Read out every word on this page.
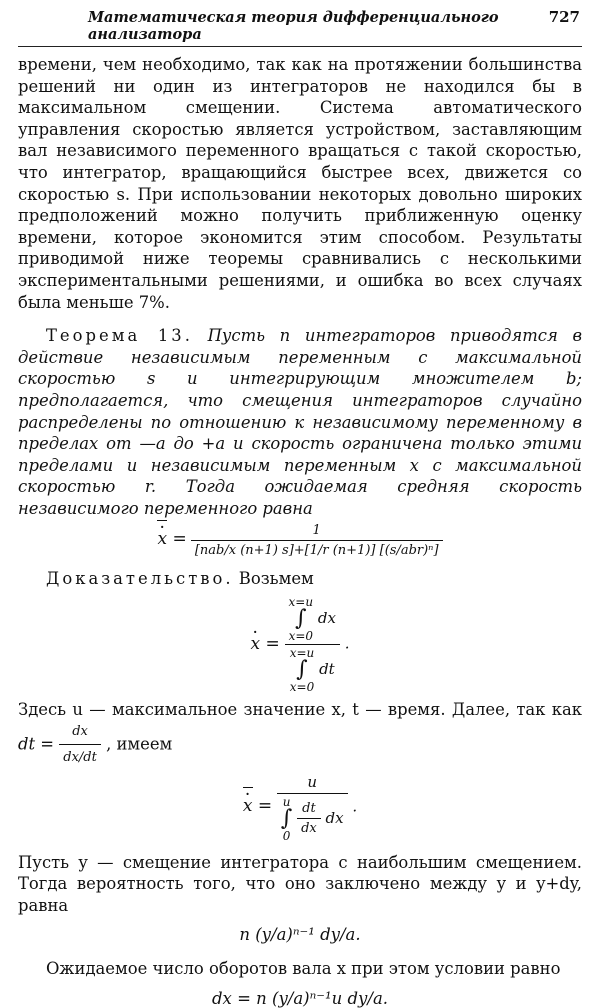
Математическая теория дифференциального анализатора
727

времени, чем необходимо, так как на протяжении большинства решений ни один из интеграторов не находился бы в максимальном смещении. Система автоматического управления скоростью является устройством, заставляющим вал независимого переменного вращаться с такой скоростью, что интегратор, вращающийся быстрее всех, движется со скоростью s. При использовании некоторых довольно широких предположений можно получить приближенную оценку времени, которое экономится этим способом. Результаты приводимой ниже теоремы сравнивались с несколькими экспериментальными решениями, и ошибка во всех случаях была меньше 7%.

Теорема 13. Пусть n интеграторов приводятся в действие независимым переменным с максимальной скоростью s и интегрирующим множителем b; предполагается, что смещения интеграторов случайно распределены по отношению к независимому переменному в пределах от —a до +a и скорость ограничена только этими пределами и независимым переменным x с максимальной скоростью r. Тогда ожидаемая средняя скорость независимого переменного равна

· $x = \frac{1}{\text{[nab/x (n+1) s]+[1/r (n+1)] [(s/abr)ⁿ]}}$

Доказательство. Возьмем

· x = x=u
∫
x=0 dx
x=u
∫
x=0 dt .

Здесь u — максимальное значение x, t — время. Далее, так как dt = $\frac{dx}{dx/dt}$ , имеем

· x =
u
u
∫
$0 \frac{dt}{dx}$ dx
.

Пусть y — смещение интегратора с наибольшим смещением. Тогда вероятность того, что оно заключено между y и y+dy, равна

n (y/a)ⁿ⁻¹ dy/a.

Ожидаемое число оборотов вала x при этом условии равно

dx = n (y/a)ⁿ⁻¹u dy/a.
